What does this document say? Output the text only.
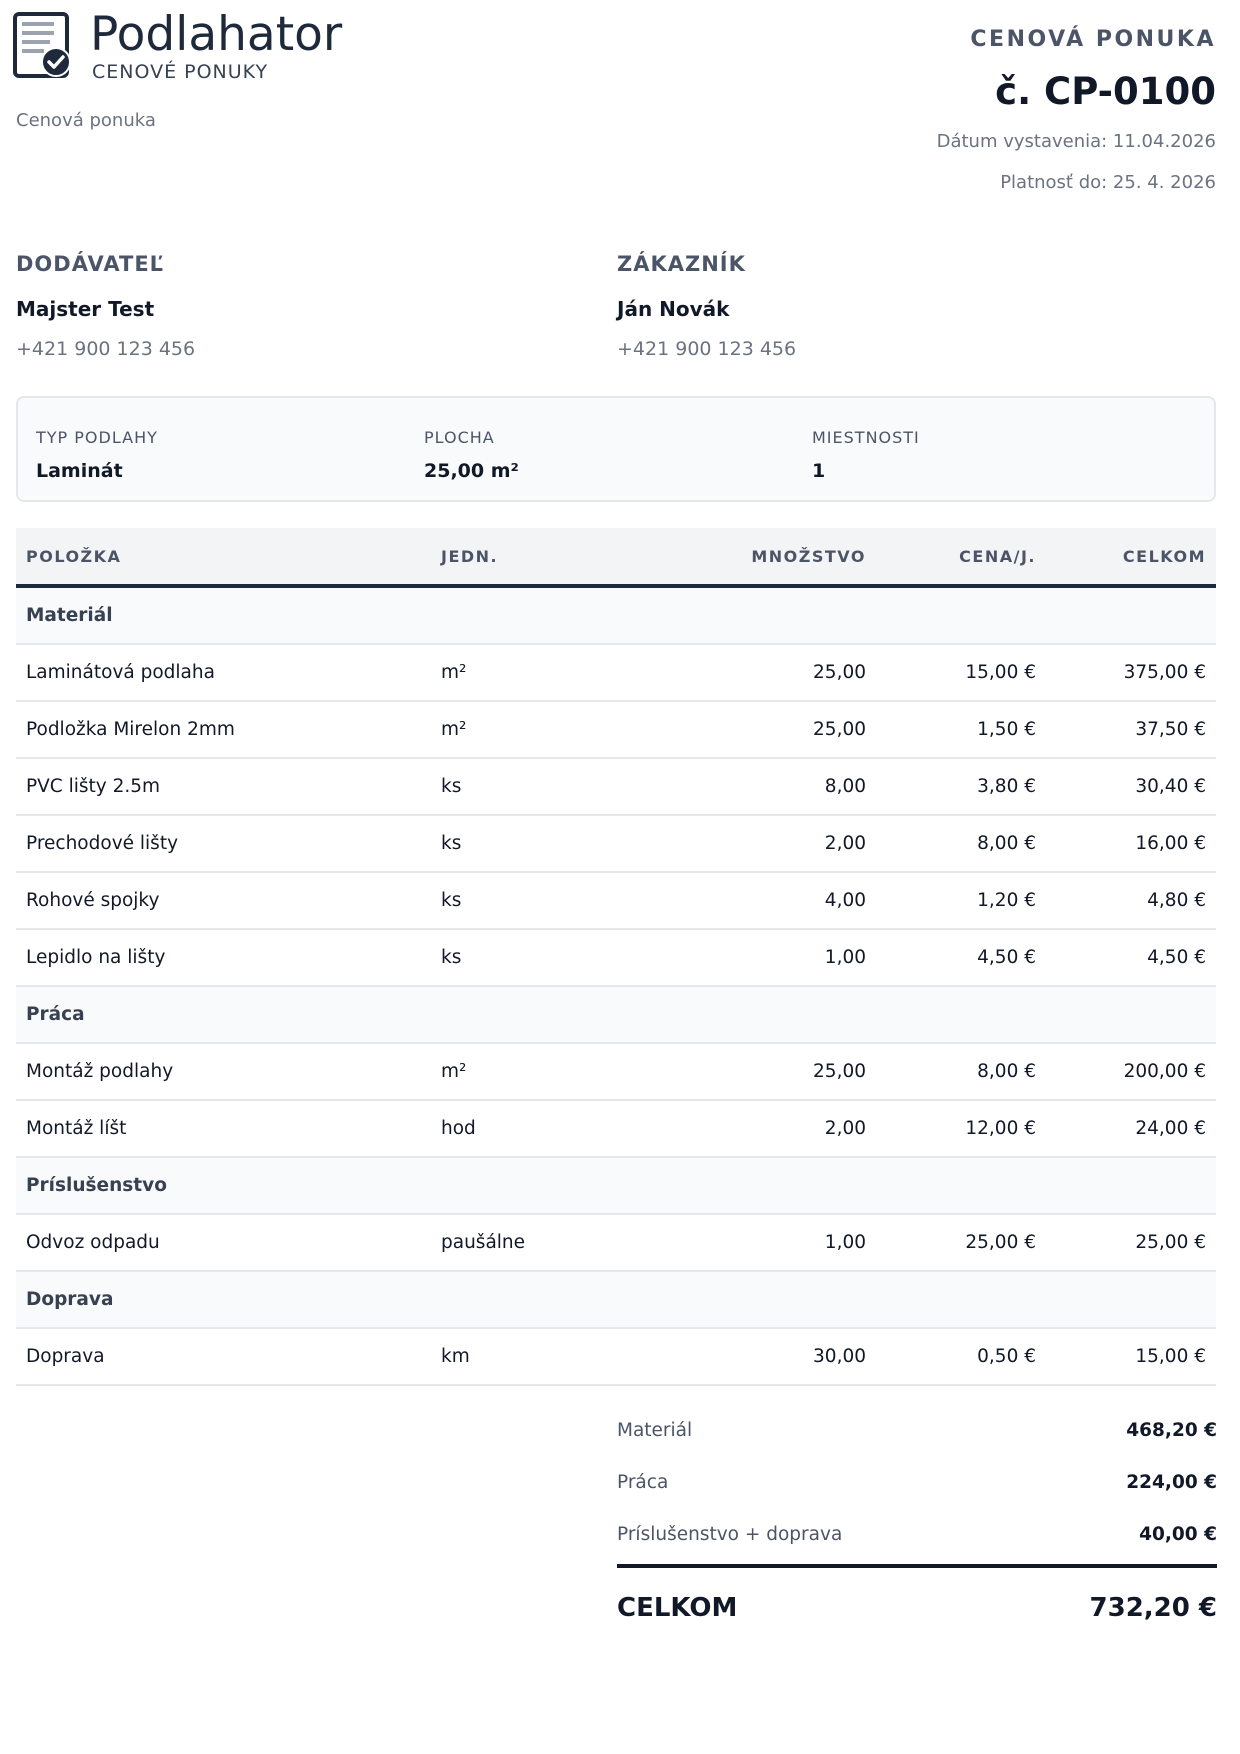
Podlahator
CENOVÉ PONUKY
Cenová ponuka
CENOVÁ PONUKA
č. CP-0100
Dátum vystavenia: 11.04.2026
Platnosť do: 25. 4. 2026
DODÁVATEĽ
Majster Test
+421 900 123 456
ZÁKAZNÍK
Ján Novák
+421 900 123 456
TYP PODLAHY
Laminát
PLOCHA
25,00 m²
MIESTNOSTI
1
POLOŽKA	JEDN.	MNOŽSTVO	CENA/J.	CELKOM
Materiál				
Laminátová podlaha	m²	25,00	15,00 €	375,00 €
Podložka Mirelon 2mm	m²	25,00	1,50 €	37,50 €
PVC lišty 2.5m	ks	8,00	3,80 €	30,40 €
Prechodové lišty	ks	2,00	8,00 €	16,00 €
Rohové spojky	ks	4,00	1,20 €	4,80 €
Lepidlo na lišty	ks	1,00	4,50 €	4,50 €
Práca				
Montáž podlahy	m²	25,00	8,00 €	200,00 €
Montáž líšt	hod	2,00	12,00 €	24,00 €
Príslušenstvo				
Odvoz odpadu	paušálne	1,00	25,00 €	25,00 €
Doprava				
Doprava	km	30,00	0,50 €	15,00 €
Materiál	468,20 €
Práca	224,00 €
Príslušenstvo + doprava	40,00 €
CELKOM	732,20 €
